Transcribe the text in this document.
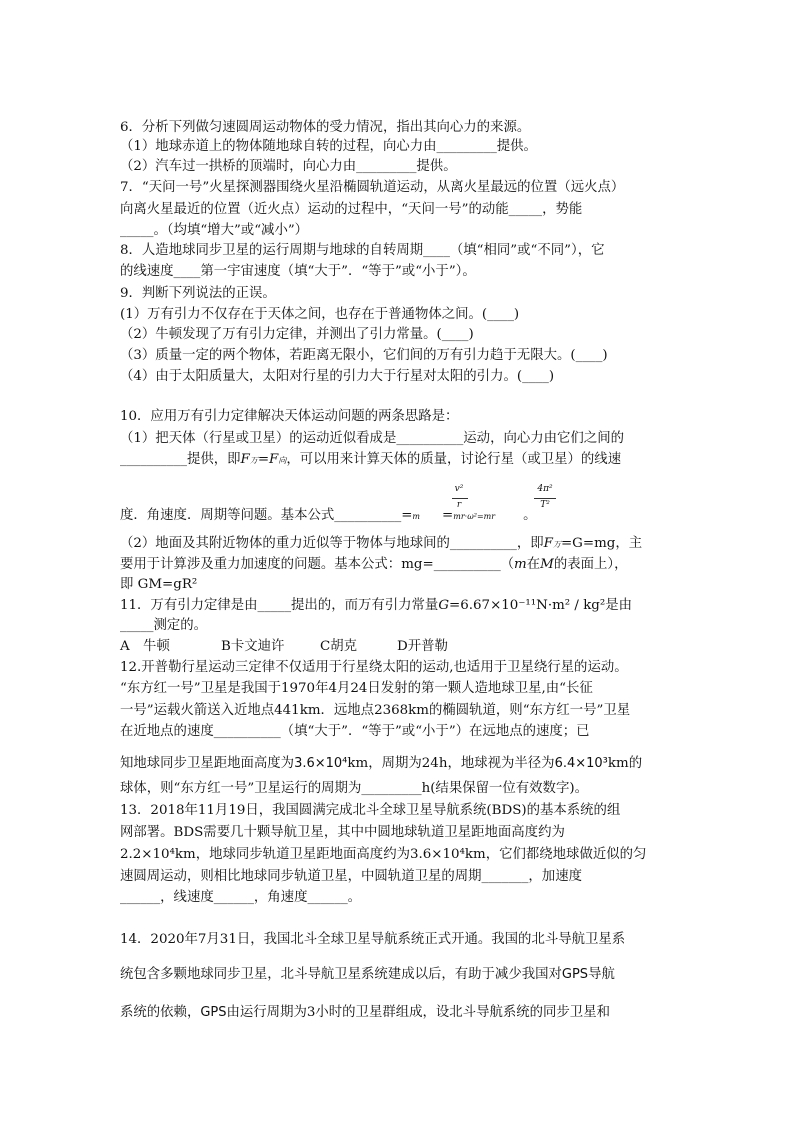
6．分析下列做匀速圆周运动物体的受力情况，指出其向心力的来源。
（1）地球赤道上的物体随地球自转的过程，向心力由_________提供。
（2）汽车过一拱桥的顶端时，向心力由_________提供。
7．“天问一号”火星探测器围绕火星沿椭圆轨道运动，从离火星最远的位置（远火点）
向离火星最近的位置（近火点）运动的过程中，“天问一号”的动能_____，势能
_____。（均填“增大”或“减小”）
8．人造地球同步卫星的运行周期与地球的自转周期____（填“相同”或“不同”），它
的线速度____第一宇宙速度（填“大于”．“等于”或“小于”）。
9．判断下列说法的正误。
(1）万有引力不仅存在于天体之间，也存在于普通物体之间。(____)
（2）牛顿发现了万有引力定律，并测出了引力常量。(____)
（3）质量一定的两个物体，若距离无限小，它们间的万有引力趋于无限大。(____)
（4）由于太阳质量大，太阳对行星的引力大于行星对太阳的引力。(____)
10．应用万有引力定律解决天体运动问题的两条思路是：
（1）把天体（行星或卫星）的运动近似看成是__________运动，向心力由它们之间的
__________提供，即F万=F向，可以用来计算天体的质量，讨论行星（或卫星）的线速
v²
r
4π²
T²
度．角速度．周期等问题。基本公式__________=m =mr·ω²=mr 。
（2）地面及其附近物体的重力近似等于物体与地球间的__________，即F万=G=mg，主
要用于计算涉及重力加速度的问题。基本公式：mg=__________（m在M的表面上），
即 GM=gR²
11．万有引力定律是由_____提出的，而万有引力常量G=6.67×10⁻¹¹N·m² / kg²是由
_____测定的。
A　牛顿	B卡文迪许	C胡克	D开普勒
12.开普勒行星运动三定律不仅适用于行星绕太阳的运动,也适用于卫星绕行星的运动。
“东方红一号”卫星是我国于1970年4月24日发射的第一颗人造地球卫星,由“长征
一号”运载火箭送入近地点441km．远地点2368km的椭圆轨道，则“东方红一号”卫星
在近地点的速度__________（填“大于”．“等于”或“小于”）在远地点的速度；已
知地球同步卫星距地面高度为3.6×10⁴km，周期为24h，地球视为半径为6.4×10³km的
球体，则“东方红一号”卫星运行的周期为_________h(结果保留一位有效数字)。
13．2018年11月19日，我国圆满完成北斗全球卫星导航系统(BDS)的基本系统的组
网部署。BDS需要几十颗导航卫星，其中中圆地球轨道卫星距地面高度约为
2.2×10⁴km，地球同步轨道卫星距地面高度约为3.6×10⁴km，它们都绕地球做近似的匀
速圆周运动，则相比地球同步轨道卫星，中圆轨道卫星的周期_______，加速度
______，线速度______，角速度______。
14．2020年7月31日，我国北斗全球卫星导航系统正式开通。我国的北斗导航卫星系
统包含多颗地球同步卫星，北斗导航卫星系统建成以后，有助于减少我国对GPS导航
系统的依赖，GPS由运行周期为3小时的卫星群组成，设北斗导航系统的同步卫星和
